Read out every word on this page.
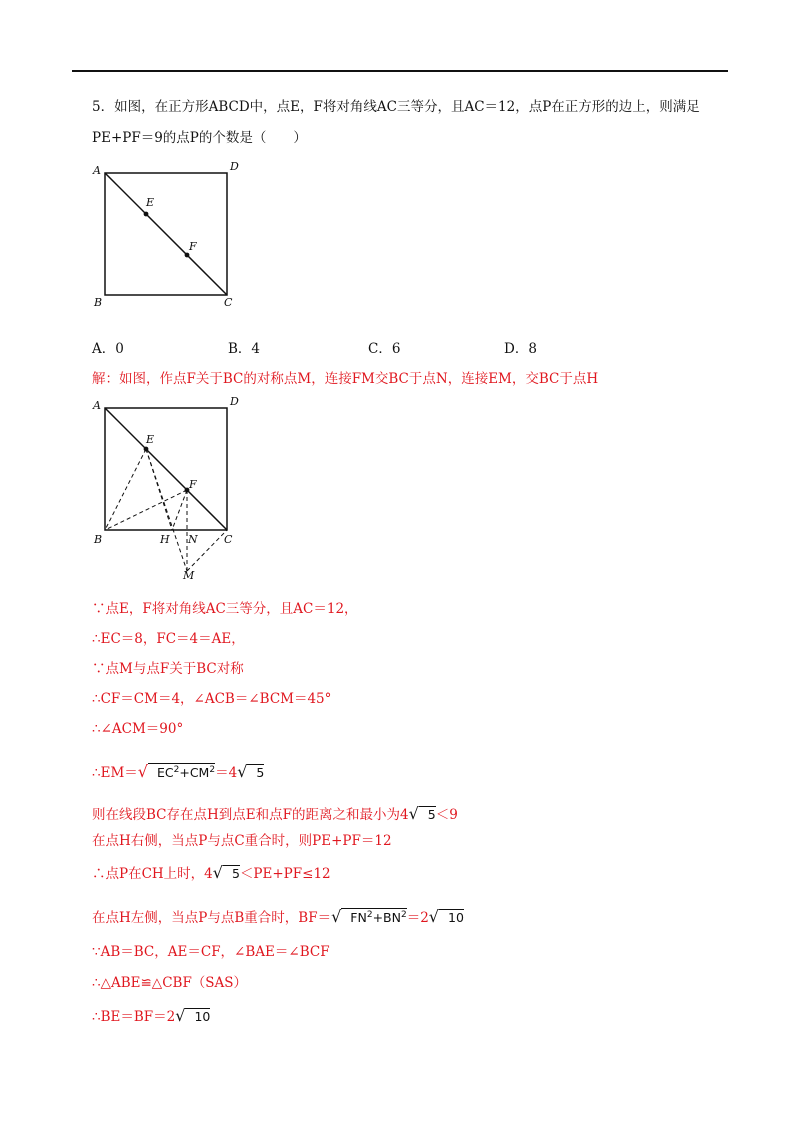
5．如图，在正方形ABCD中，点E，F将对角线AC三等分，且AC＝12，点P在正方形的边上，则满足
PE+PF＝9的点P的个数是（　　）
A	D
B	C
E
F
A．0	B．4	C．6	D．8
解：如图，作点F关于BC的对称点M，连接FM交BC于点N，连接EM，交BC于点H
A	D
B	C
E
F
H N
M
∵点E，F将对角线AC三等分，且AC＝12，
∴EC＝8，FC＝4＝AE，
∵点M与点F关于BC对称
∴CF＝CM＝4，∠ACB＝∠BCM＝45°
∴∠ACM＝90°
∴EM＝√ $EC^2+CM^2=4√$ 5
则在线段BC存在点H到点E和点F的距离之和最小为4√ 5＜9
在点H右侧，当点P与点C重合时，则PE+PF＝12
∴点P在CH上时，4√ 5＜PE+PF≤12
在点H左侧，当点P与点B重合时，BF＝√ $FN^2+BN^2=2√$ 10
∵AB＝BC，AE＝CF，∠BAE＝∠BCF
∴△ABE≌△CBF（SAS）
∴BE＝BF＝2√ 10
